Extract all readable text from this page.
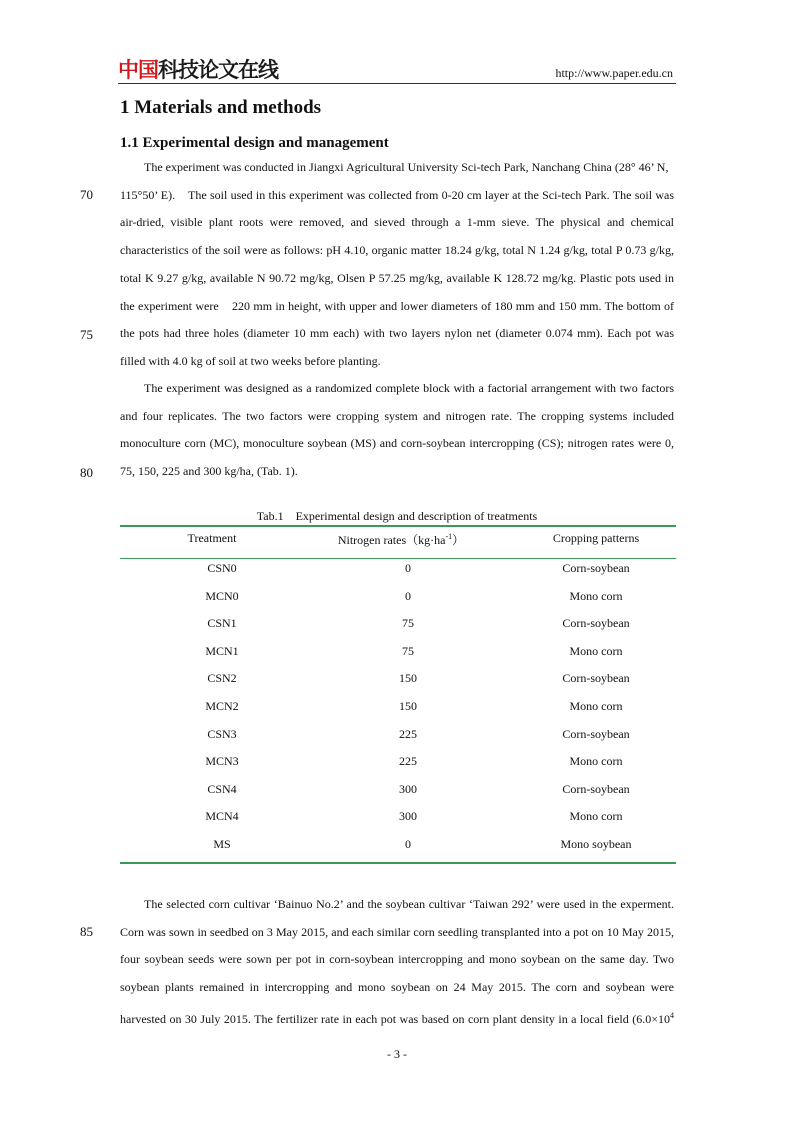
中国科技论文在线	http://www.paper.edu.cn
1 Materials and methods
1.1 Experimental design and management
70
75
80
85
The experiment was conducted in Jiangxi Agricultural University Sci-tech Park, Nanchang China (28° 46’ N,
115°50’ E).    The soil used in this experiment was collected from 0-20 cm layer at the Sci-tech Park. The soil was
air-dried, visible plant roots were removed, and sieved through a 1-mm sieve. The physical and chemical
characteristics of the soil were as follows: pH 4.10, organic matter 18.24 g/kg, total N 1.24 g/kg, total P 0.73 g/kg,
total K 9.27 g/kg, available N 90.72 mg/kg, Olsen P 57.25 mg/kg, available K 128.72 mg/kg. Plastic pots used in
the experiment were    220 mm in height, with upper and lower diameters of 180 mm and 150 mm. The bottom of
the pots had three holes (diameter 10 mm each) with two layers nylon net (diameter 0.074 mm). Each pot was
filled with 4.0 kg of soil at two weeks before planting.
The experiment was designed as a randomized complete block with a factorial arrangement with two factors
and four replicates. The two factors were cropping system and nitrogen rate. The cropping systems included
monoculture corn (MC), monoculture soybean (MS) and corn-soybean intercropping (CS); nitrogen rates were 0,
75, 150, 225 and 300 kg/ha, (Tab. 1).
Tab.1    Experimental design and description of treatments
Treatment	Nitrogen $rates(kg\cdot ha^{-1})$	Cropping patterns
CSN0	0	Corn-soybean
MCN0	0	Mono corn
CSN1	75	Corn-soybean
MCN1	75	Mono corn
CSN2	150	Corn-soybean
MCN2	150	Mono corn
CSN3	225	Corn-soybean
MCN3	225	Mono corn
CSN4	300	Corn-soybean
MCN4	300	Mono corn
MS	0	Mono soybean
The selected corn cultivar ‘Bainuo No.2’ and the soybean cultivar ‘Taiwan 292’ were used in the experment.
Corn was sown in seedbed on 3 May 2015, and each similar corn seedling transplanted into a pot on 10 May 2015,
four soybean seeds were sown per pot in corn-soybean intercropping and mono soybean on the same day. Two
soybean plants remained in intercropping and mono soybean on 24 May 2015. The corn and soybean were
harvested on 30 July 2015. The fertilizer rate in each pot was based on corn plant density in a local field ($6.0\times 10^4$
- 3 -
